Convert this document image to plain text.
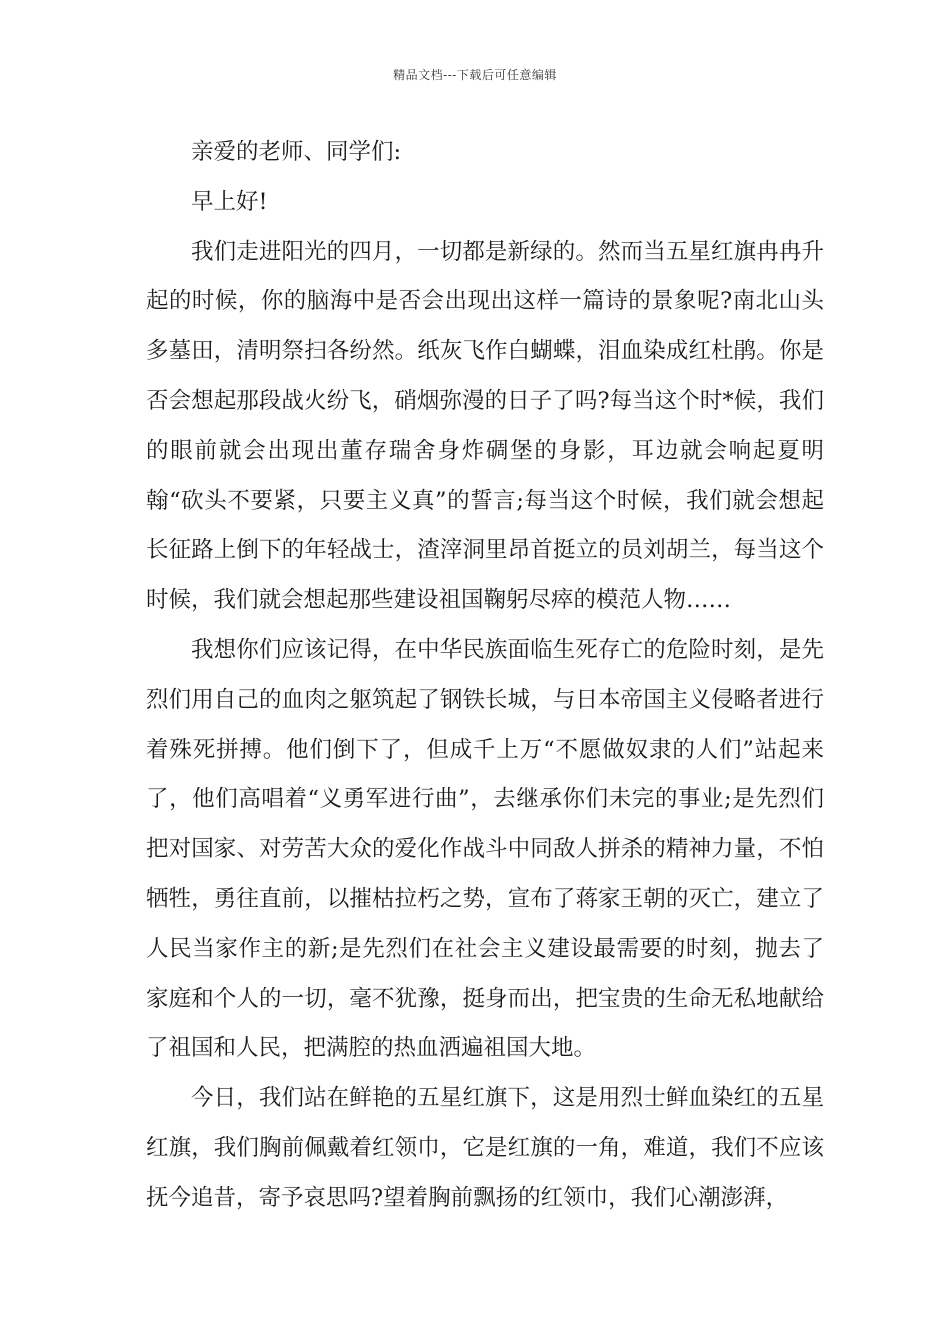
精品文档---下载后可任意编辑

亲爱的老师、同学们:

早上好!

我们走进阳光的四月，一切都是新绿的。然而当五星红旗冉冉升起的时候，你的脑海中是否会出现出这样一篇诗的景象呢?南北山头多墓田，清明祭扫各纷然。纸灰飞作白蝴蝶，泪血染成红杜鹃。你是否会想起那段战火纷飞，硝烟弥漫的日子了吗?每当这个时*候，我们的眼前就会出现出董存瑞舍身炸碉堡的身影，耳边就会响起夏明翰“砍头不要紧，只要主义真”的誓言;每当这个时候，我们就会想起长征路上倒下的年轻战士，渣滓洞里昂首挺立的员刘胡兰，每当这个时候，我们就会想起那些建设祖国鞠躬尽瘁的模范人物……

我想你们应该记得，在中华民族面临生死存亡的危险时刻，是先烈们用自己的血肉之躯筑起了钢铁长城，与日本帝国主义侵略者进行着殊死拼搏。他们倒下了，但成千上万“不愿做奴隶的人们”站起来了，他们高唱着“义勇军进行曲”，去继承你们未完的事业;是先烈们把对国家、对劳苦大众的爱化作战斗中同敌人拼杀的精神力量，不怕牺牲，勇往直前，以摧枯拉朽之势，宣布了蒋家王朝的灭亡，建立了人民当家作主的新;是先烈们在社会主义建设最需要的时刻，抛去了家庭和个人的一切，毫不犹豫，挺身而出，把宝贵的生命无私地献给了祖国和人民，把满腔的热血洒遍祖国大地。

今日，我们站在鲜艳的五星红旗下，这是用烈士鲜血染红的五星红旗，我们胸前佩戴着红领巾，它是红旗的一角，难道，我们不应该抚今追昔，寄予哀思吗?望着胸前飘扬的红领巾，我们心潮澎湃，
